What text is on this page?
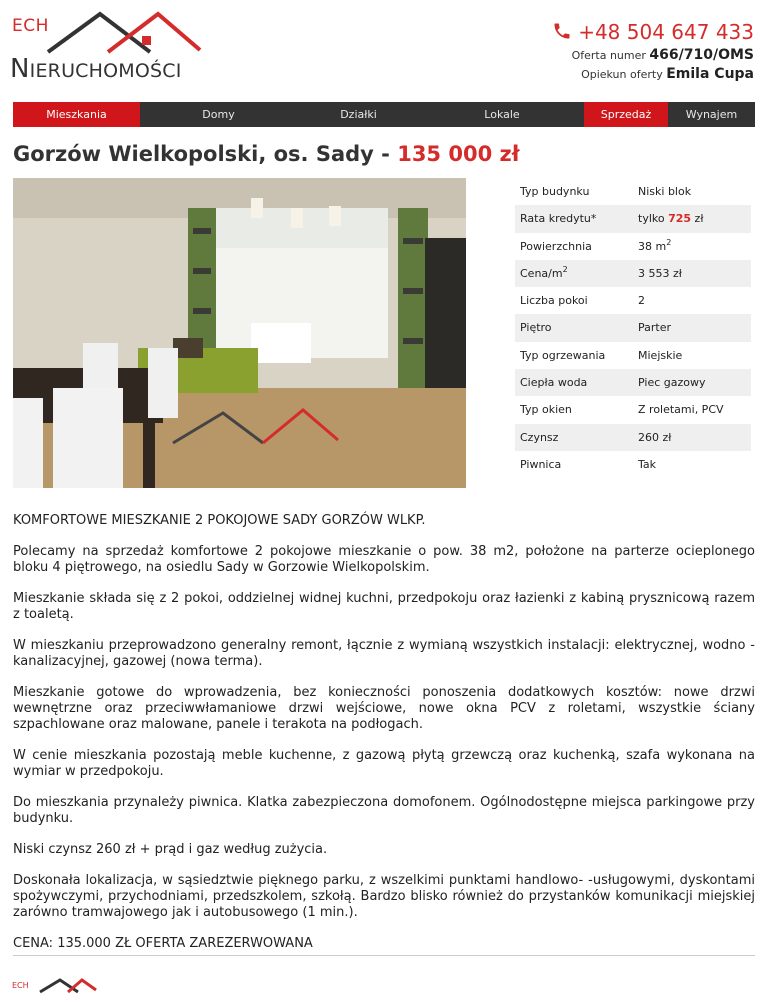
ECH
NIERUCHOMOŚCI
+48 504 647 433
Oferta numer 466/710/OMS
Opiekun oferty Emila Cupa
Mieszkania	Domy	Działki	Lokale	Sprzedaż	Wynajem
Gorzów Wielkopolski, os. Sady - 135 000 zł
Typ budynku	Niski blok
Rata kredytu*	tylko 725 zł
Powierzchnia	38 $m^2$
Cena/$m^2$	3 553 zł
Liczba pokoi	2
Piętro	Parter
Typ ogrzewania	Miejskie
Ciepła woda	Piec gazowy
Typ okien	Z roletami, PCV
Czynsz	260 zł
Piwnica	Tak

KOMFORTOWE MIESZKANIE 2 POKOJOWE SADY GORZÓW WLKP.

Polecamy na sprzedaż komfortowe 2 pokojowe mieszkanie o pow. 38 m2, położone na parterze ocieplonego bloku 4 piętrowego, na osiedlu Sady w Gorzowie Wielkopolskim.

Mieszkanie składa się z 2 pokoi, oddzielnej widnej kuchni, przedpokoju oraz łazienki z kabiną prysznicową razem z toaletą.

W mieszkaniu przeprowadzono generalny remont, łącznie z wymianą wszystkich instalacji: elektrycznej, wodno - kanalizacyjnej, gazowej (nowa terma).

Mieszkanie gotowe do wprowadzenia, bez konieczności ponoszenia dodatkowych kosztów: nowe drzwi wewnętrzne oraz przeciwwłamaniowe drzwi wejściowe, nowe okna PCV z roletami, wszystkie ściany szpachlowane oraz malowane, panele i terakota na podłogach.

W cenie mieszkania pozostają meble kuchenne, z gazową płytą grzewczą oraz kuchenką, szafa wykonana na wymiar w przedpokoju.

Do mieszkania przynależy piwnica. Klatka zabezpieczona domofonem. Ogólnodostępne miejsca parkingowe przy budynku.

Niski czynsz 260 zł + prąd i gaz według zużycia.

Doskonała lokalizacja, w sąsiedztwie pięknego parku, z wszelkimi punktami handlowo- -usługowymi, dyskontami spożywczymi, przychodniami, przedszkolem, szkołą. Bardzo blisko również do przystanków komunikacji miejskiej zarówno tramwajowego jak i autobusowego (1 min.).

CENA: 135.000 ZŁ OFERTA ZAREZERWOWANA

ECH
